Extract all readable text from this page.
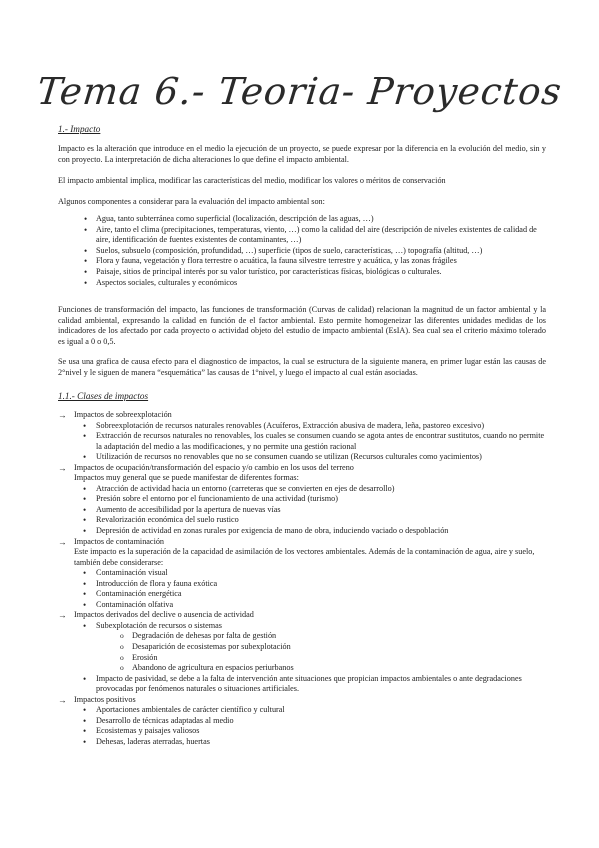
Tema 6.- Teoria- Proyectos
1.- Impacto

Impacto es la alteración que introduce en el medio la ejecución de un proyecto, se puede expresar por la diferencia en la evolución del medio, sin y con proyecto. La interpretación de dicha alteraciones lo que define el impacto ambiental.

El impacto ambiental implica, modificar las características del medio, modificar los valores o méritos de conservación

Algunos componentes a considerar para la evaluación del impacto ambiental son:

• Agua, tanto subterránea como superficial (localización, descripción de las aguas, …)
• Aire, tanto el clima (precipitaciones, temperaturas, viento, …) como la calidad del aire (descripción de niveles existentes de calidad de aire, identificación de fuentes existentes de contaminantes, …)
• Suelos, subsuelo (composición, profundidad, …) superficie (tipos de suelo, características, …) topografía (altitud, …)
• Flora y fauna, vegetación y flora terrestre o acuática, la fauna silvestre terrestre y acuática, y las zonas frágiles
• Paisaje, sitios de principal interés por su valor turístico, por características físicas, biológicas o culturales.
• Aspectos sociales, culturales y económicos

Funciones de transformación del impacto, las funciones de transformación (Curvas de calidad) relacionan la magnitud de un factor ambiental y la calidad ambiental, expresando la calidad en función de el factor ambiental. Esto permite homogeneizar las diferentes unidades medidas de los indicadores de los afectado por cada proyecto o actividad objeto del estudio de impacto ambiental (EsIA). Sea cual sea el criterio máximo tolerado es igual a 0 o 0,5.

Se usa una grafica de causa efecto para el diagnostico de impactos, la cual se estructura de la siguiente manera, en primer lugar están las causas de 2°nivel y le siguen de manera “esquemática” las causas de 1°nivel, y luego el impacto al cual están asociadas.

1.1.- Clases de impactos
→ Impactos de sobreexplotación
• Sobreexplotación de recursos naturales renovables (Acuíferos, Extracción abusiva de madera, leña, pastoreo excesivo)
• Extracción de recursos naturales no renovables, los cuales se consumen cuando se agota antes de encontrar sustitutos, cuando no permite la adaptación del medio a las modificaciones, y no permite una gestión racional
• Utilización de recursos no renovables que no se consumen cuando se utilizan (Recursos culturales como yacimientos)
→ Impactos de ocupación/transformación del espacio y/o cambio en los usos del terreno
Impactos muy general que se puede manifestar de diferentes formas:
• Atracción de actividad hacia un entorno (carreteras que se convierten en ejes de desarrollo)
• Presión sobre el entorno por el funcionamiento de una actividad (turismo)
• Aumento de accesibilidad por la apertura de nuevas vías
• Revalorización económica del suelo rustico
• Depresión de actividad en zonas rurales por exigencia de mano de obra, induciendo vaciado o despoblación
→ Impactos de contaminación
Este impacto es la superación de la capacidad de asimilación de los vectores ambientales. Además de la contaminación de agua, aire y suelo, también debe considerarse:
• Contaminación visual
• Introducción de flora y fauna exótica
• Contaminación energética
• Contaminación olfativa
→ Impactos derivados del declive o ausencia de actividad
• Subexplotación de recursos o sistemas
o Degradación de dehesas por falta de gestión
o Desaparición de ecosistemas por subexplotación
o Erosión
o Abandono de agricultura en espacios periurbanos
• Impacto de pasividad, se debe a la falta de intervención ante situaciones que propician impactos ambientales o ante degradaciones provocadas por fenómenos naturales o situaciones artificiales.
→ Impactos positivos
• Aportaciones ambientales de carácter científico y cultural
• Desarrollo de técnicas adaptadas al medio
• Ecosistemas y paisajes valiosos
• Dehesas, laderas aterradas, huertas
